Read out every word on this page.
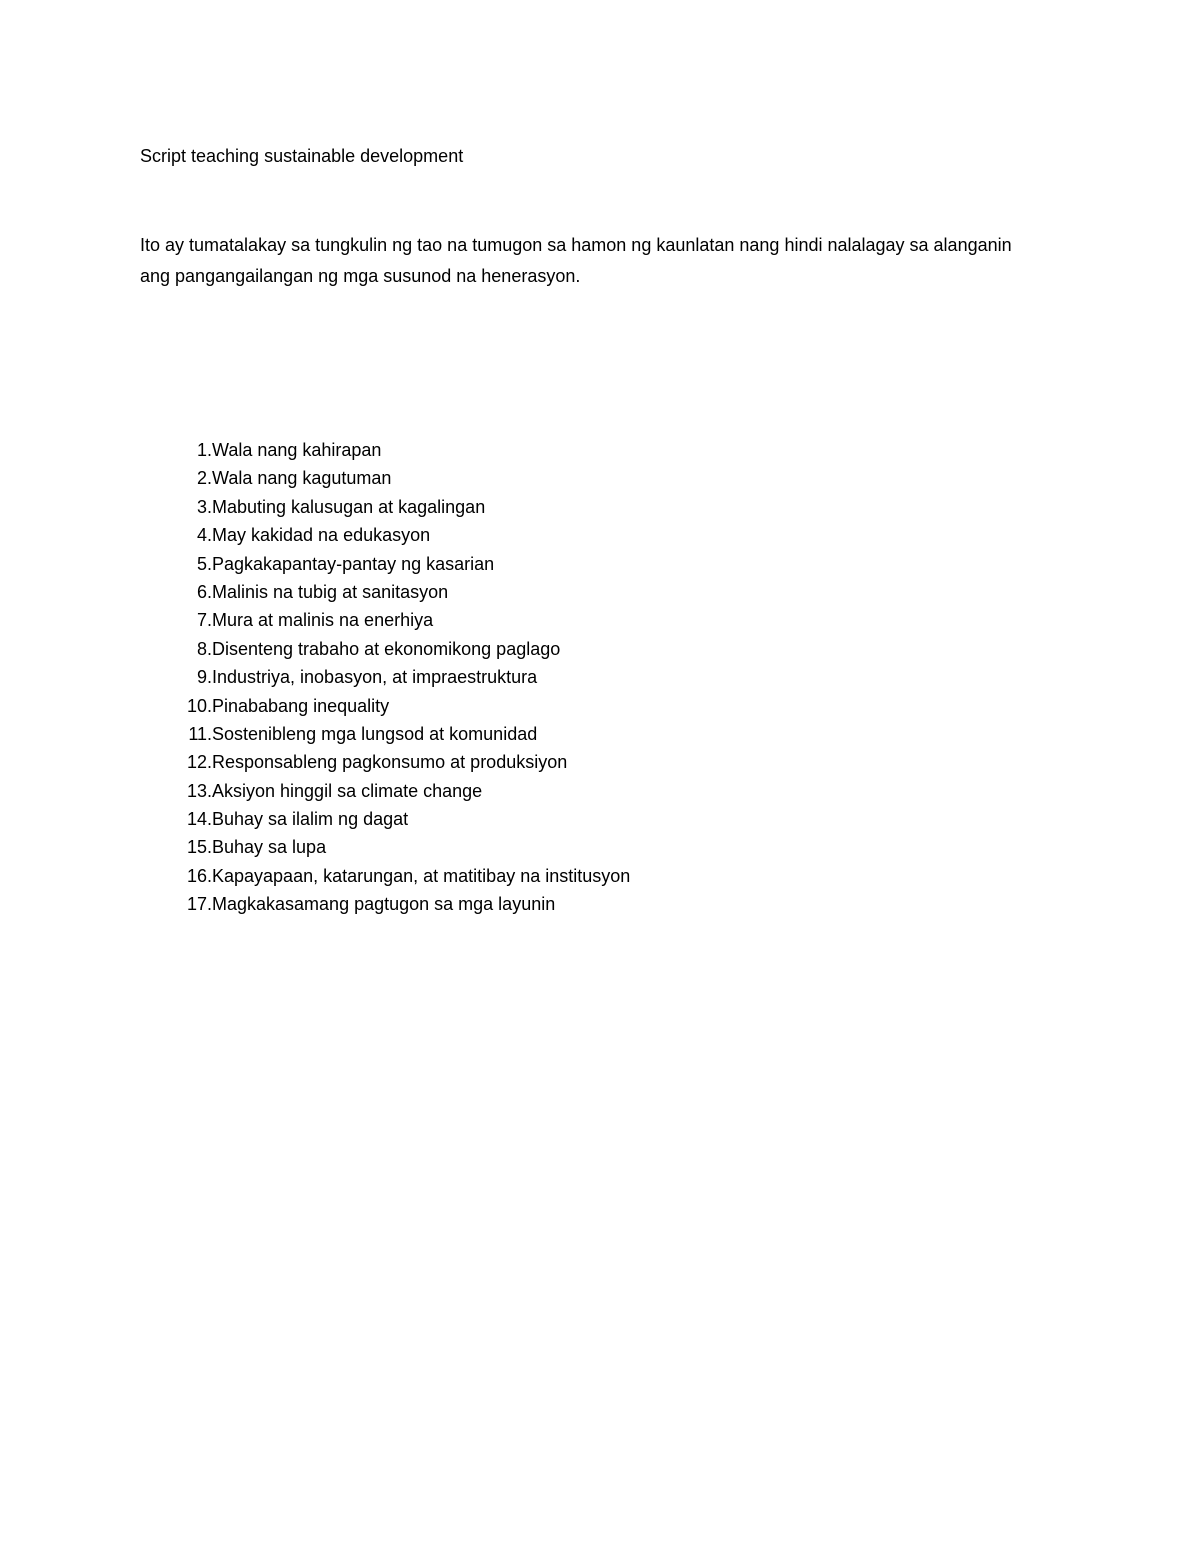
Script teaching sustainable development

Ito ay tumatalakay sa tungkulin ng tao na tumugon sa hamon ng kaunlatan nang hindi nalalagay sa alanganin ang pangangailangan ng mga susunod na henerasyon.

1. Wala nang kahirapan
2. Wala nang kagutuman
3. Mabuting kalusugan at kagalingan
4. May kakidad na edukasyon
5. Pagkakapantay-pantay ng kasarian
6. Malinis na tubig at sanitasyon
7. Mura at malinis na enerhiya
8. Disenteng trabaho at ekonomikong paglago
9. Industriya, inobasyon, at impraestruktura
10. Pinababang inequality
11. Sostenibleng mga lungsod at komunidad
12. Responsableng pagkonsumo at produksiyon
13. Aksiyon hinggil sa climate change
14. Buhay sa ilalim ng dagat
15. Buhay sa lupa
16. Kapayapaan, katarungan, at matitibay na institusyon
17. Magkakasamang pagtugon sa mga layunin
